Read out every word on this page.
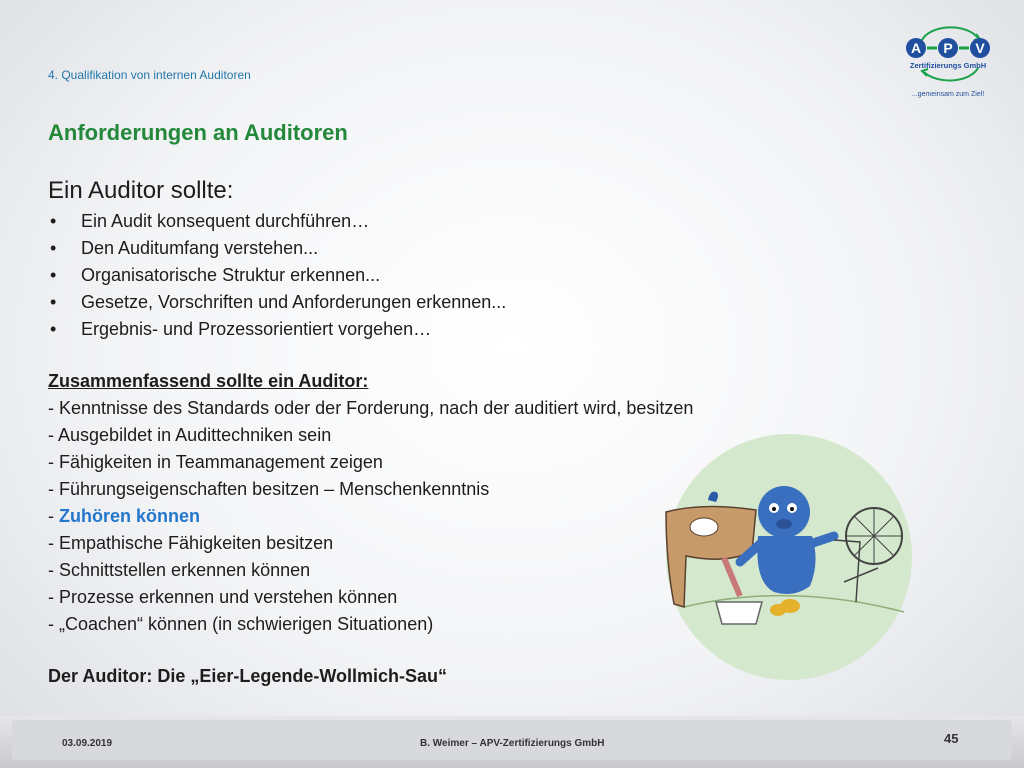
4. Qualifikation von internen Auditoren
A P V
Zertifizierungs GmbH
...gemeinsam zum Ziel!
Anforderungen an Auditoren
Ein Auditor sollte:
• Ein Audit konsequent durchführen…
• Den Auditumfang verstehen...
• Organisatorische Struktur erkennen...
• Gesetze, Vorschriften und Anforderungen erkennen...
• Ergebnis- und Prozessorientiert vorgehen…
Zusammenfassend sollte ein Auditor:
- Kenntnisse des Standards oder der Forderung, nach der auditiert wird, besitzen
- Ausgebildet in Audittechniken sein
- Fähigkeiten in Teammanagement zeigen
- Führungseigenschaften besitzen – Menschenkenntnis
- Zuhören können
- Empathische Fähigkeiten besitzen
- Schnittstellen erkennen können
- Prozesse erkennen und verstehen können
- „Coachen“ können (in schwierigen Situationen)
Der Auditor: Die „Eier-Legende-Wollmich-Sau“
03.09.2019	B. Weimer – APV-Zertifizierungs GmbH	45
